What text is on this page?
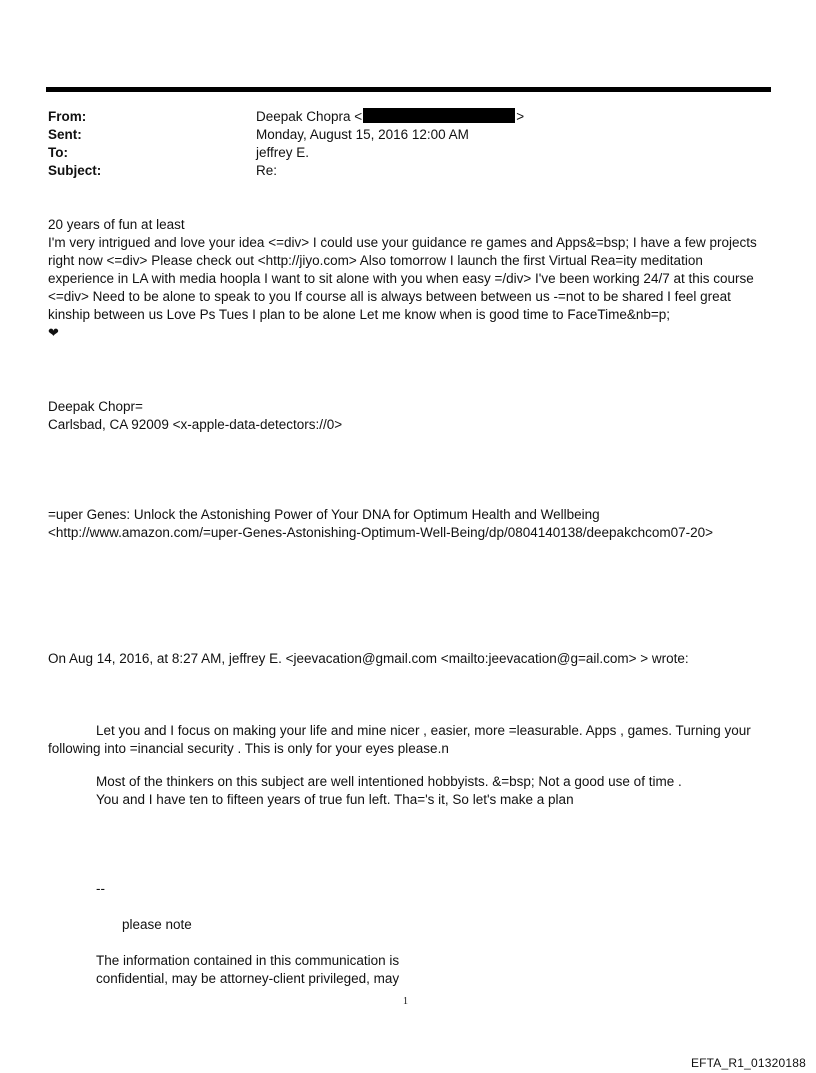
From:	Deepak Chopra <	>
Sent:	Monday, August 15, 2016 12:00 AM
To:	jeffrey E.
Subject:	Re:
20 years of fun at least
I'm very intrigued and love your idea <=div> I could use your guidance re games and Apps&=bsp; I have a few projects
right now <=div> Please check out <http://jiyo.com> Also tomorrow I launch the first Virtual Rea=ity meditation
experience in LA with media hoopla I want to sit alone with you when easy =/div> I've been working 24/7 at this course
<=div> Need to be alone to speak to you If course all is always between between us -=not to be shared I feel great
kinship between us Love Ps Tues I plan to be alone Let me know when is good time to FaceTime&nb=p;
❤
Deepak Chopr=
Carlsbad, CA 92009 <x-apple-data-detectors://0>
=uper Genes: Unlock the Astonishing Power of Your DNA for Optimum Health and Wellbeing
<http://www.amazon.com/=uper-Genes-Astonishing-Optimum-Well-Being/dp/0804140138/deepakchcom07-20>
On Aug 14, 2016, at 8:27 AM, jeffrey E. <jeevacation@gmail.com <mailto:jeevacation@g=ail.com> > wrote:
Let you and I focus on making your life and mine nicer , easier, more =leasurable. Apps , games. Turning your
following into =inancial security . This is only for your eyes please.n
Most of the thinkers on this subject are well intentioned hobbyists. &=bsp; Not a good use of time .
You and I have ten to fifteen years of true fun left. Tha='s it, So let's make a plan
--
please note
The information contained in this communication is
confidential, may be attorney-client privileged, may
1
EFTA_R1_01320188
